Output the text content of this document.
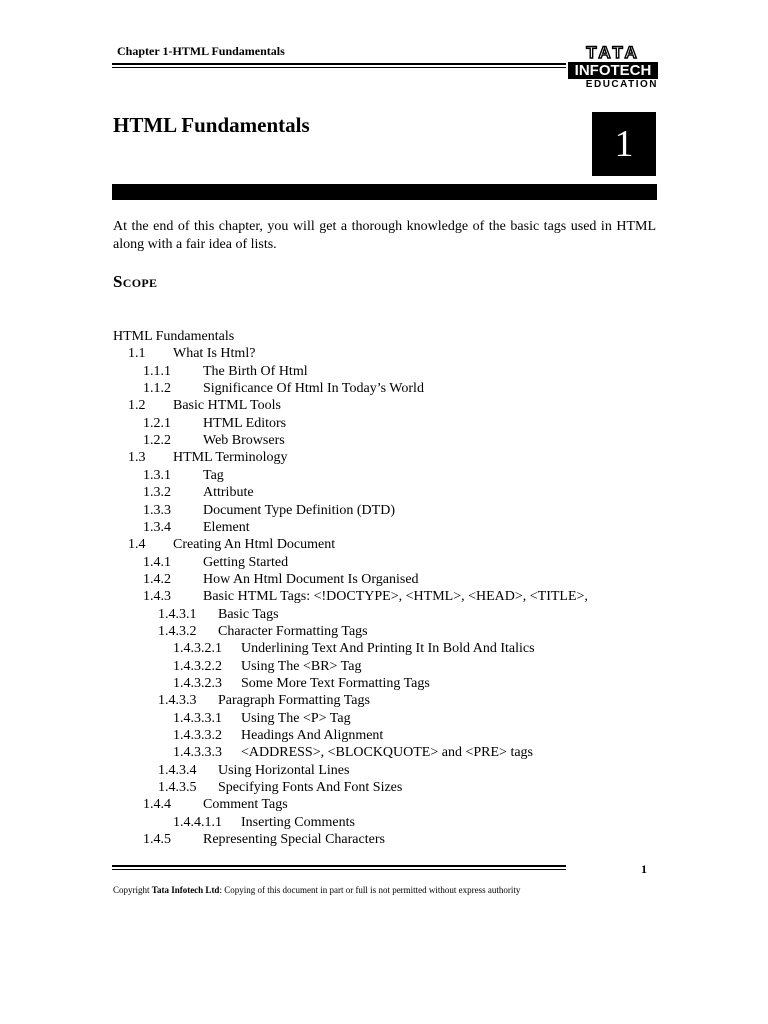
Chapter 1-HTML Fundamentals	TATA
INFOTECH
EDUCATION
HTML Fundamentals	1
At the end of this chapter, you will get a thorough knowledge of the basic tags used in HTML along with a fair idea of lists.
Scope
HTML Fundamentals
1.1 What Is Html?
1.1.1 The Birth Of Html
1.1.2 Significance Of Html In Today’s World
1.2 Basic HTML Tools
1.2.1 HTML Editors
1.2.2 Web Browsers
1.3 HTML Terminology
1.3.1 Tag
1.3.2 Attribute
1.3.3 Document Type Definition (DTD)
1.3.4 Element
1.4 Creating An Html Document
1.4.1 Getting Started
1.4.2 How An Html Document Is Organised
1.4.3 Basic HTML Tags: <!DOCTYPE>, <HTML>, <HEAD>, <TITLE>,
1.4.3.1 Basic Tags
1.4.3.2 Character Formatting Tags
1.4.3.2.1 Underlining Text And Printing It In Bold And Italics
1.4.3.2.2 Using The <BR> Tag
1.4.3.2.3 Some More Text Formatting Tags
1.4.3.3 Paragraph Formatting Tags
1.4.3.3.1 Using The <P> Tag
1.4.3.3.2 Headings And Alignment
1.4.3.3.3 <ADDRESS>, <BLOCKQUOTE> and <PRE> tags
1.4.3.4 Using Horizontal Lines
1.4.3.5 Specifying Fonts And Font Sizes
1.4.4 Comment Tags
1.4.4.1.1 Inserting Comments
1.4.5 Representing Special Characters
1
Copyright Tata Infotech Ltd: Copying of this document in part or full is not permitted without express authority
